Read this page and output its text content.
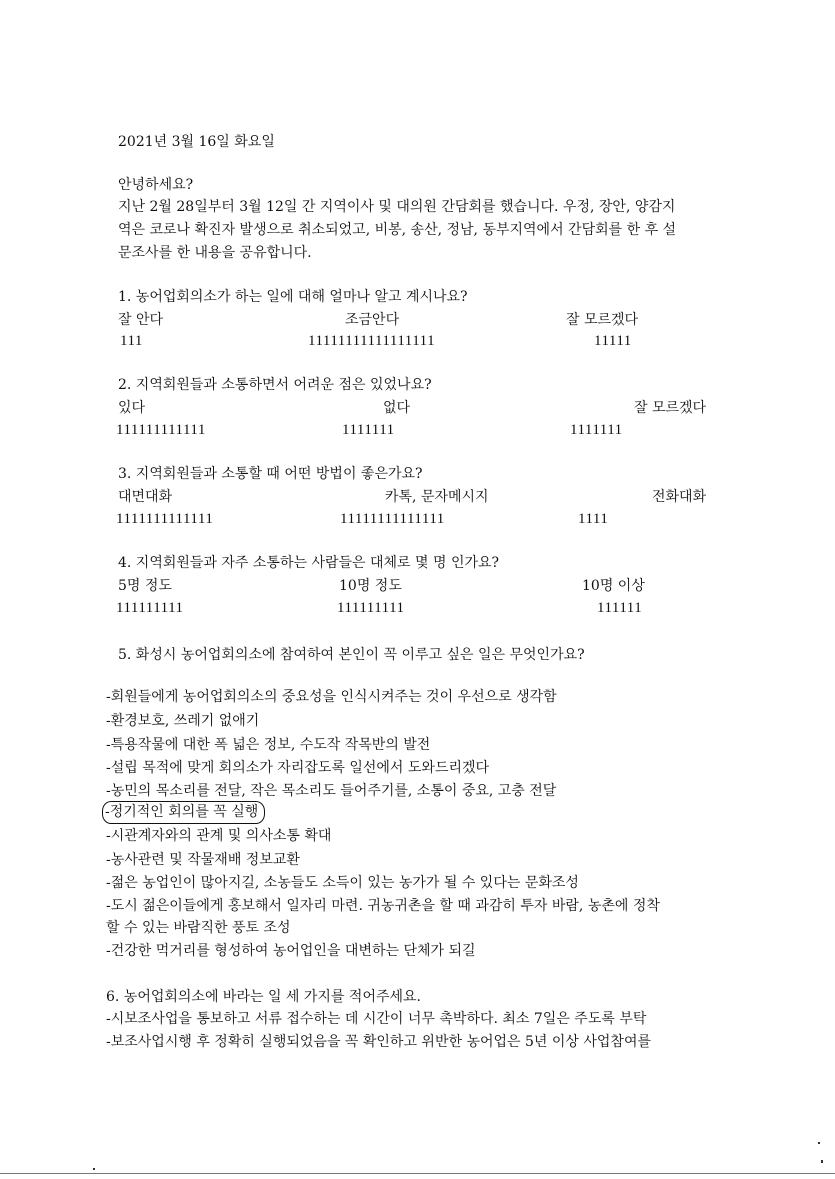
2021년 3월 16일 화요일
안녕하세요?
지난 2월 28일부터 3월 12일 간 지역이사 및 대의원 간담회를 했습니다. 우정, 장안, 양감지
역은 코로나 확진자 발생으로 취소되었고, 비봉, 송산, 정남, 동부지역에서 간담회를 한 후 설
문조사를 한 내용을 공유합니다.
1. 농어업회의소가 하는 일에 대해 얼마나 알고 계시나요?
잘 안다	조금안다	잘 모르겠다
111	11111111111111111	11111
2. 지역회원들과 소통하면서 어려운 점은 있었나요?
있다	없다	잘 모르겠다
111111111111	1111111	1111111
3. 지역회원들과 소통할 때 어떤 방법이 좋은가요?
대면대화	카톡, 문자메시지	전화대화
1111111111111	11111111111111	1111
4. 지역회원들과 자주 소통하는 사람들은 대체로 몇 명 인가요?
5명 정도	10명 정도	10명 이상
111111111	111111111	111111
5. 화성시 농어업회의소에 참여하여 본인이 꼭 이루고 싶은 일은 무엇인가요?
-회원들에게 농어업회의소의 중요성을 인식시켜주는 것이 우선으로 생각함
-환경보호, 쓰레기 없애기
-특용작물에 대한 폭 넓은 정보, 수도작 작목반의 발전
-설립 목적에 맞게 회의소가 자리잡도록 일선에서 도와드리겠다
-농민의 목소리를 전달, 작은 목소리도 들어주기를, 소통이 중요, 고충 전달
-정기적인 회의를 꼭 실행
-시관계자와의 관계 및 의사소통 확대
-농사관련 및 작물재배 정보교환
-젊은 농업인이 많아지길, 소농들도 소득이 있는 농가가 될 수 있다는 문화조성
-도시 젊은이들에게 홍보해서 일자리 마련. 귀농귀촌을 할 때 과감히 투자 바람, 농촌에 정착
할 수 있는 바람직한 풍토 조성
-건강한 먹거리를 형성하여 농어업인을 대변하는 단체가 되길
6. 농어업회의소에 바라는 일 세 가지를 적어주세요.
-시보조사업을 통보하고 서류 접수하는 데 시간이 너무 촉박하다. 최소 7일은 주도록 부탁
-보조사업시행 후 정확히 실행되었음을 꼭 확인하고 위반한 농어업은 5년 이상 사업참여를
